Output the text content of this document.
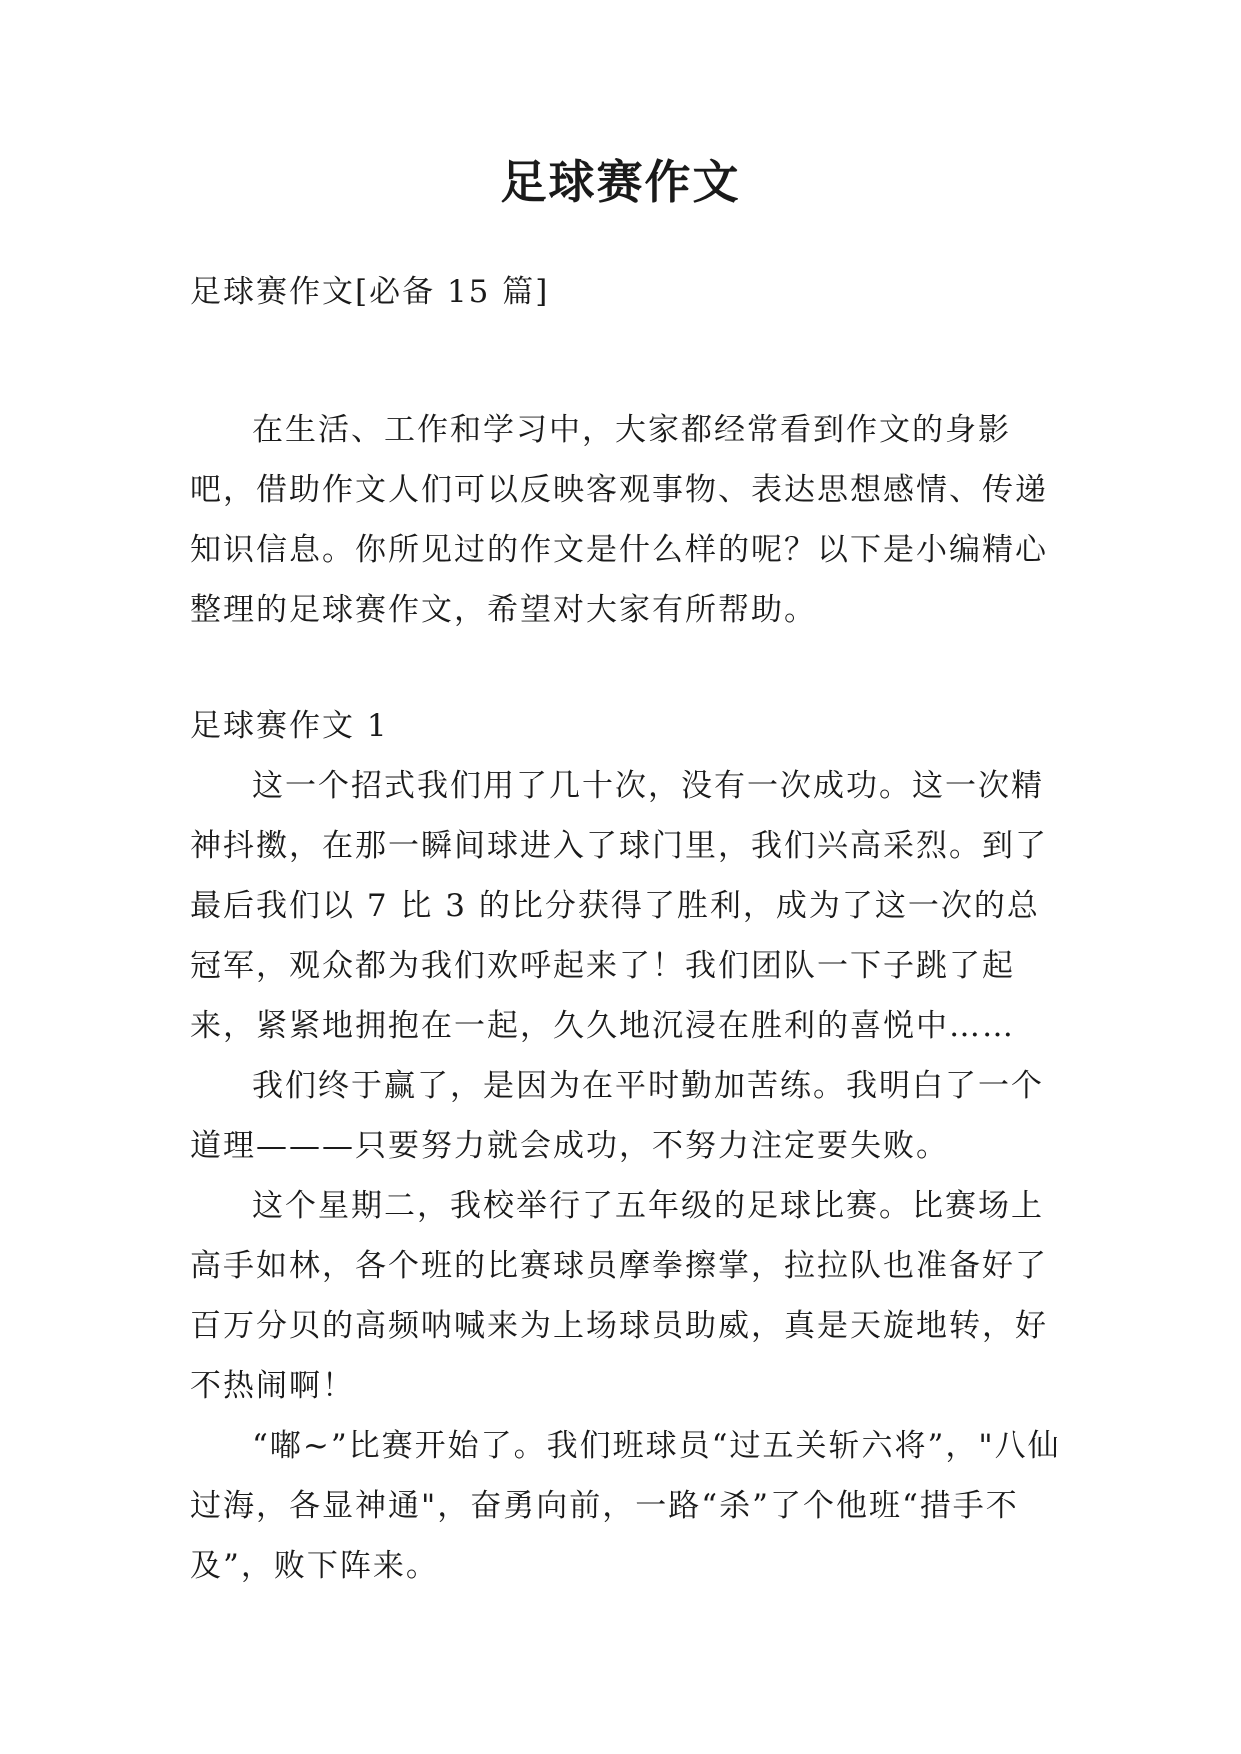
足球赛作文

足球赛作文[必备 15 篇]

在生活、工作和学习中，大家都经常看到作文的身影吧，借助作文人们可以反映客观事物、表达思想感情、传递知识信息。你所见过的作文是什么样的呢？以下是小编精心整理的足球赛作文，希望对大家有所帮助。

足球赛作文 1

这一个招式我们用了几十次，没有一次成功。这一次精神抖擞，在那一瞬间球进入了球门里，我们兴高采烈。到了最后我们以 7 比 3 的比分获得了胜利，成为了这一次的总冠军，观众都为我们欢呼起来了！我们团队一下子跳了起来，紧紧地拥抱在一起，久久地沉浸在胜利的喜悦中……

我们终于赢了，是因为在平时勤加苦练。我明白了一个道理———只要努力就会成功，不努力注定要失败。

这个星期二，我校举行了五年级的足球比赛。比赛场上高手如林，各个班的比赛球员摩拳擦掌，拉拉队也准备好了百万分贝的高频呐喊来为上场球员助威，真是天旋地转，好不热闹啊！

“嘟~”比赛开始了。我们班球员“过五关斩六将”，"八仙过海，各显神通"，奋勇向前，一路“杀”了个他班“措手不及”，败下阵来。
